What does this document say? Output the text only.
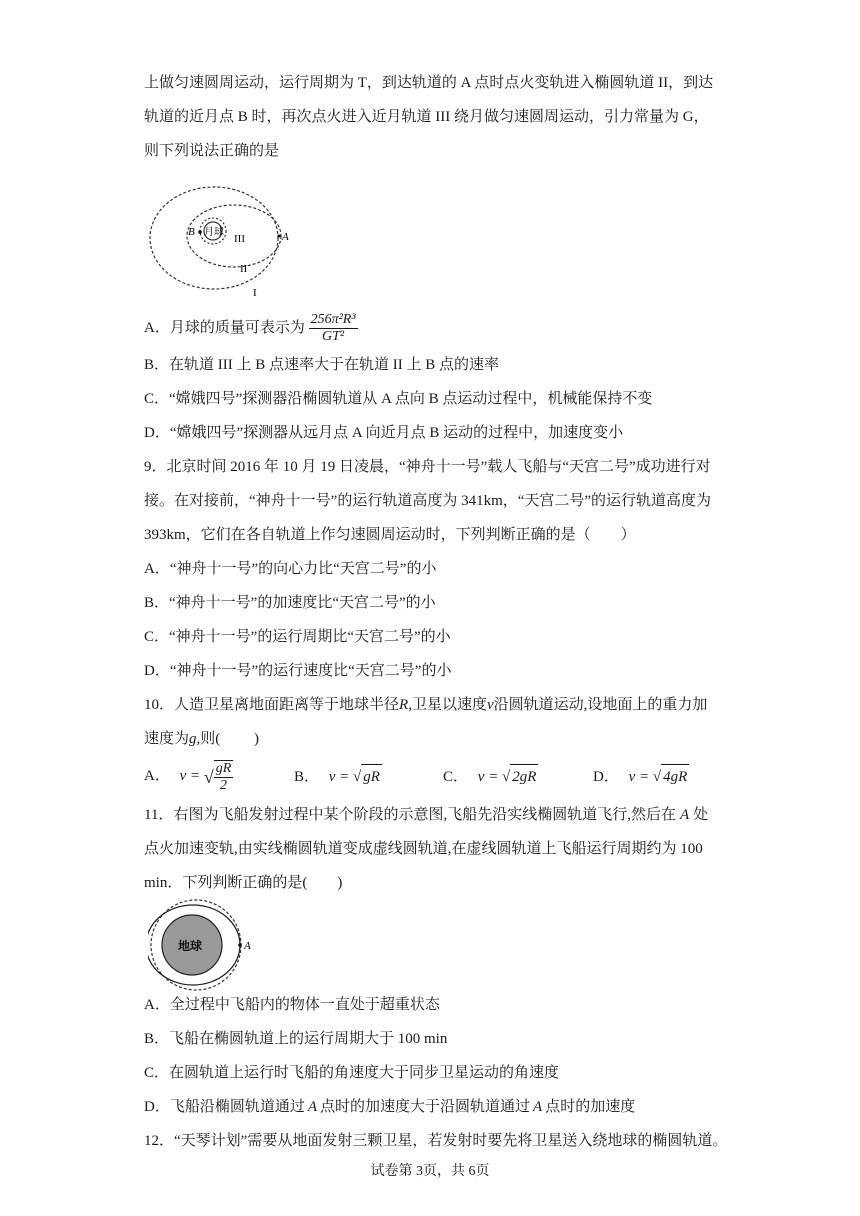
上做匀速圆周运动，运行周期为 T，到达轨道的 A 点时点火变轨进入椭圆轨道 II，到达
轨道的近月点 B 时，再次点火进入近月轨道 III 绕月做匀速圆周运动，引力常量为 G，
则下列说法正确的是
月球
B	A
III
II
I
A．月球的质量可表示为 $\frac{\text{256π²R³}}{\text{GT²}}$
B．在轨道 III 上 B 点速率大于在轨道 II 上 B 点的速率
C．“嫦娥四号”探测器沿椭圆轨道从 A 点向 B 点运动过程中，机械能保持不变
D．“嫦娥四号”探测器从远月点 A 向近月点 B 运动的过程中，加速度变小
9．北京时间 2016 年 10 月 19 日凌晨，“神舟十一号”载人飞船与“天宫二号”成功进行对
接。在对接前，“神舟十一号”的运行轨道高度为 341km，“天宫二号”的运行轨道高度为
393km，它们在各自轨道上作匀速圆周运动时，下列判断正确的是（　　）
A．“神舟十一号”的向心力比“天宫二号”的小
B．“神舟十一号”的加速度比“天宫二号”的小
C．“神舟十一号”的运行周期比“天宫二号”的小
D．“神舟十一号”的运行速度比“天宫二号”的小
10．人造卫星离地面距离等于地球半径R,卫星以速度v沿圆轨道运动,设地面上的重力加
速度为g,则(　　 )
A． v = √ $\frac{gR}{2}$	B． v = √ gR	C． v = √ 2gR	D． v = √ 4gR
11．右图为飞船发射过程中某个阶段的示意图,飞船先沿实线椭圆轨道飞行,然后在 A 处
点火加速变轨,由实线椭圆轨道变成虚线圆轨道,在虚线圆轨道上飞船运行周期约为 100
min．下列判断正确的是(　　)
地球	A
A．全过程中飞船内的物体一直处于超重状态
B．飞船在椭圆轨道上的运行周期大于 100 min
C．在圆轨道上运行时飞船的角速度大于同步卫星运动的角速度
D．飞船沿椭圆轨道通过 A 点时的加速度大于沿圆轨道通过 A 点时的加速度
12．“天琴计划”需要从地面发射三颗卫星，若发射时要先将卫星送入绕地球的椭圆轨道。
试卷第 3页，共 6页
